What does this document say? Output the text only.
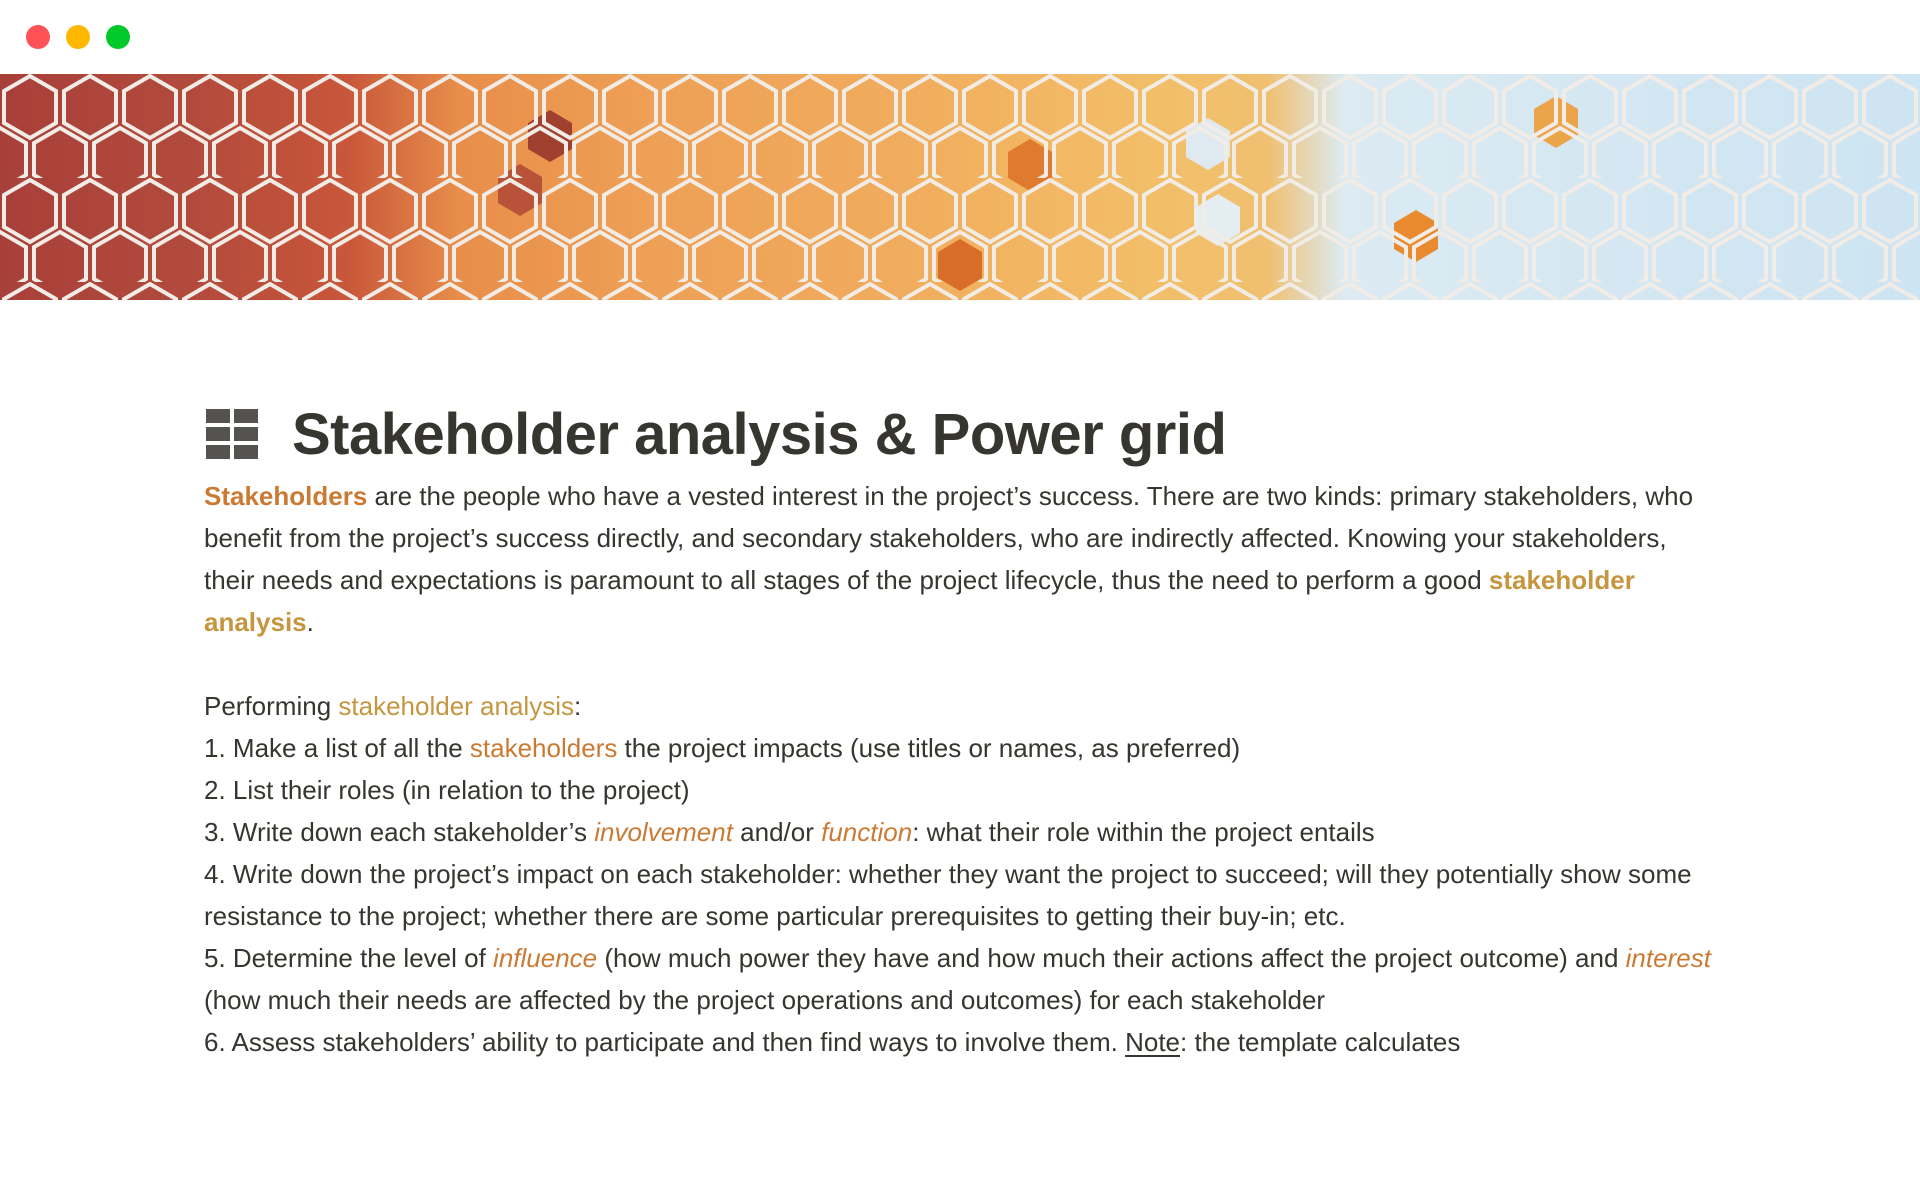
Stakeholder analysis & Power grid

Stakeholders are the people who have a vested interest in the project’s success. There are two kinds: primary stakeholders, who benefit from the project’s success directly, and secondary stakeholders, who are indirectly affected. Knowing your stakeholders, their needs and expectations is paramount to all stages of the project lifecycle, thus the need to perform a good stakeholder analysis.

Performing stakeholder analysis:

1. Make a list of all the stakeholders the project impacts (use titles or names, as preferred)

2. List their roles (in relation to the project)

3. Write down each stakeholder’s involvement and/or function: what their role within the project entails

4. Write down the project’s impact on each stakeholder: whether they want the project to succeed; will they potentially show some resistance to the project; whether there are some particular prerequisites to getting their buy-in; etc.

5. Determine the level of influence (how much power they have and how much their actions affect the project outcome) and interest (how much their needs are affected by the project operations and outcomes) for each stakeholder

6. Assess stakeholders’ ability to participate and then find ways to involve them. Note: the template calculates
